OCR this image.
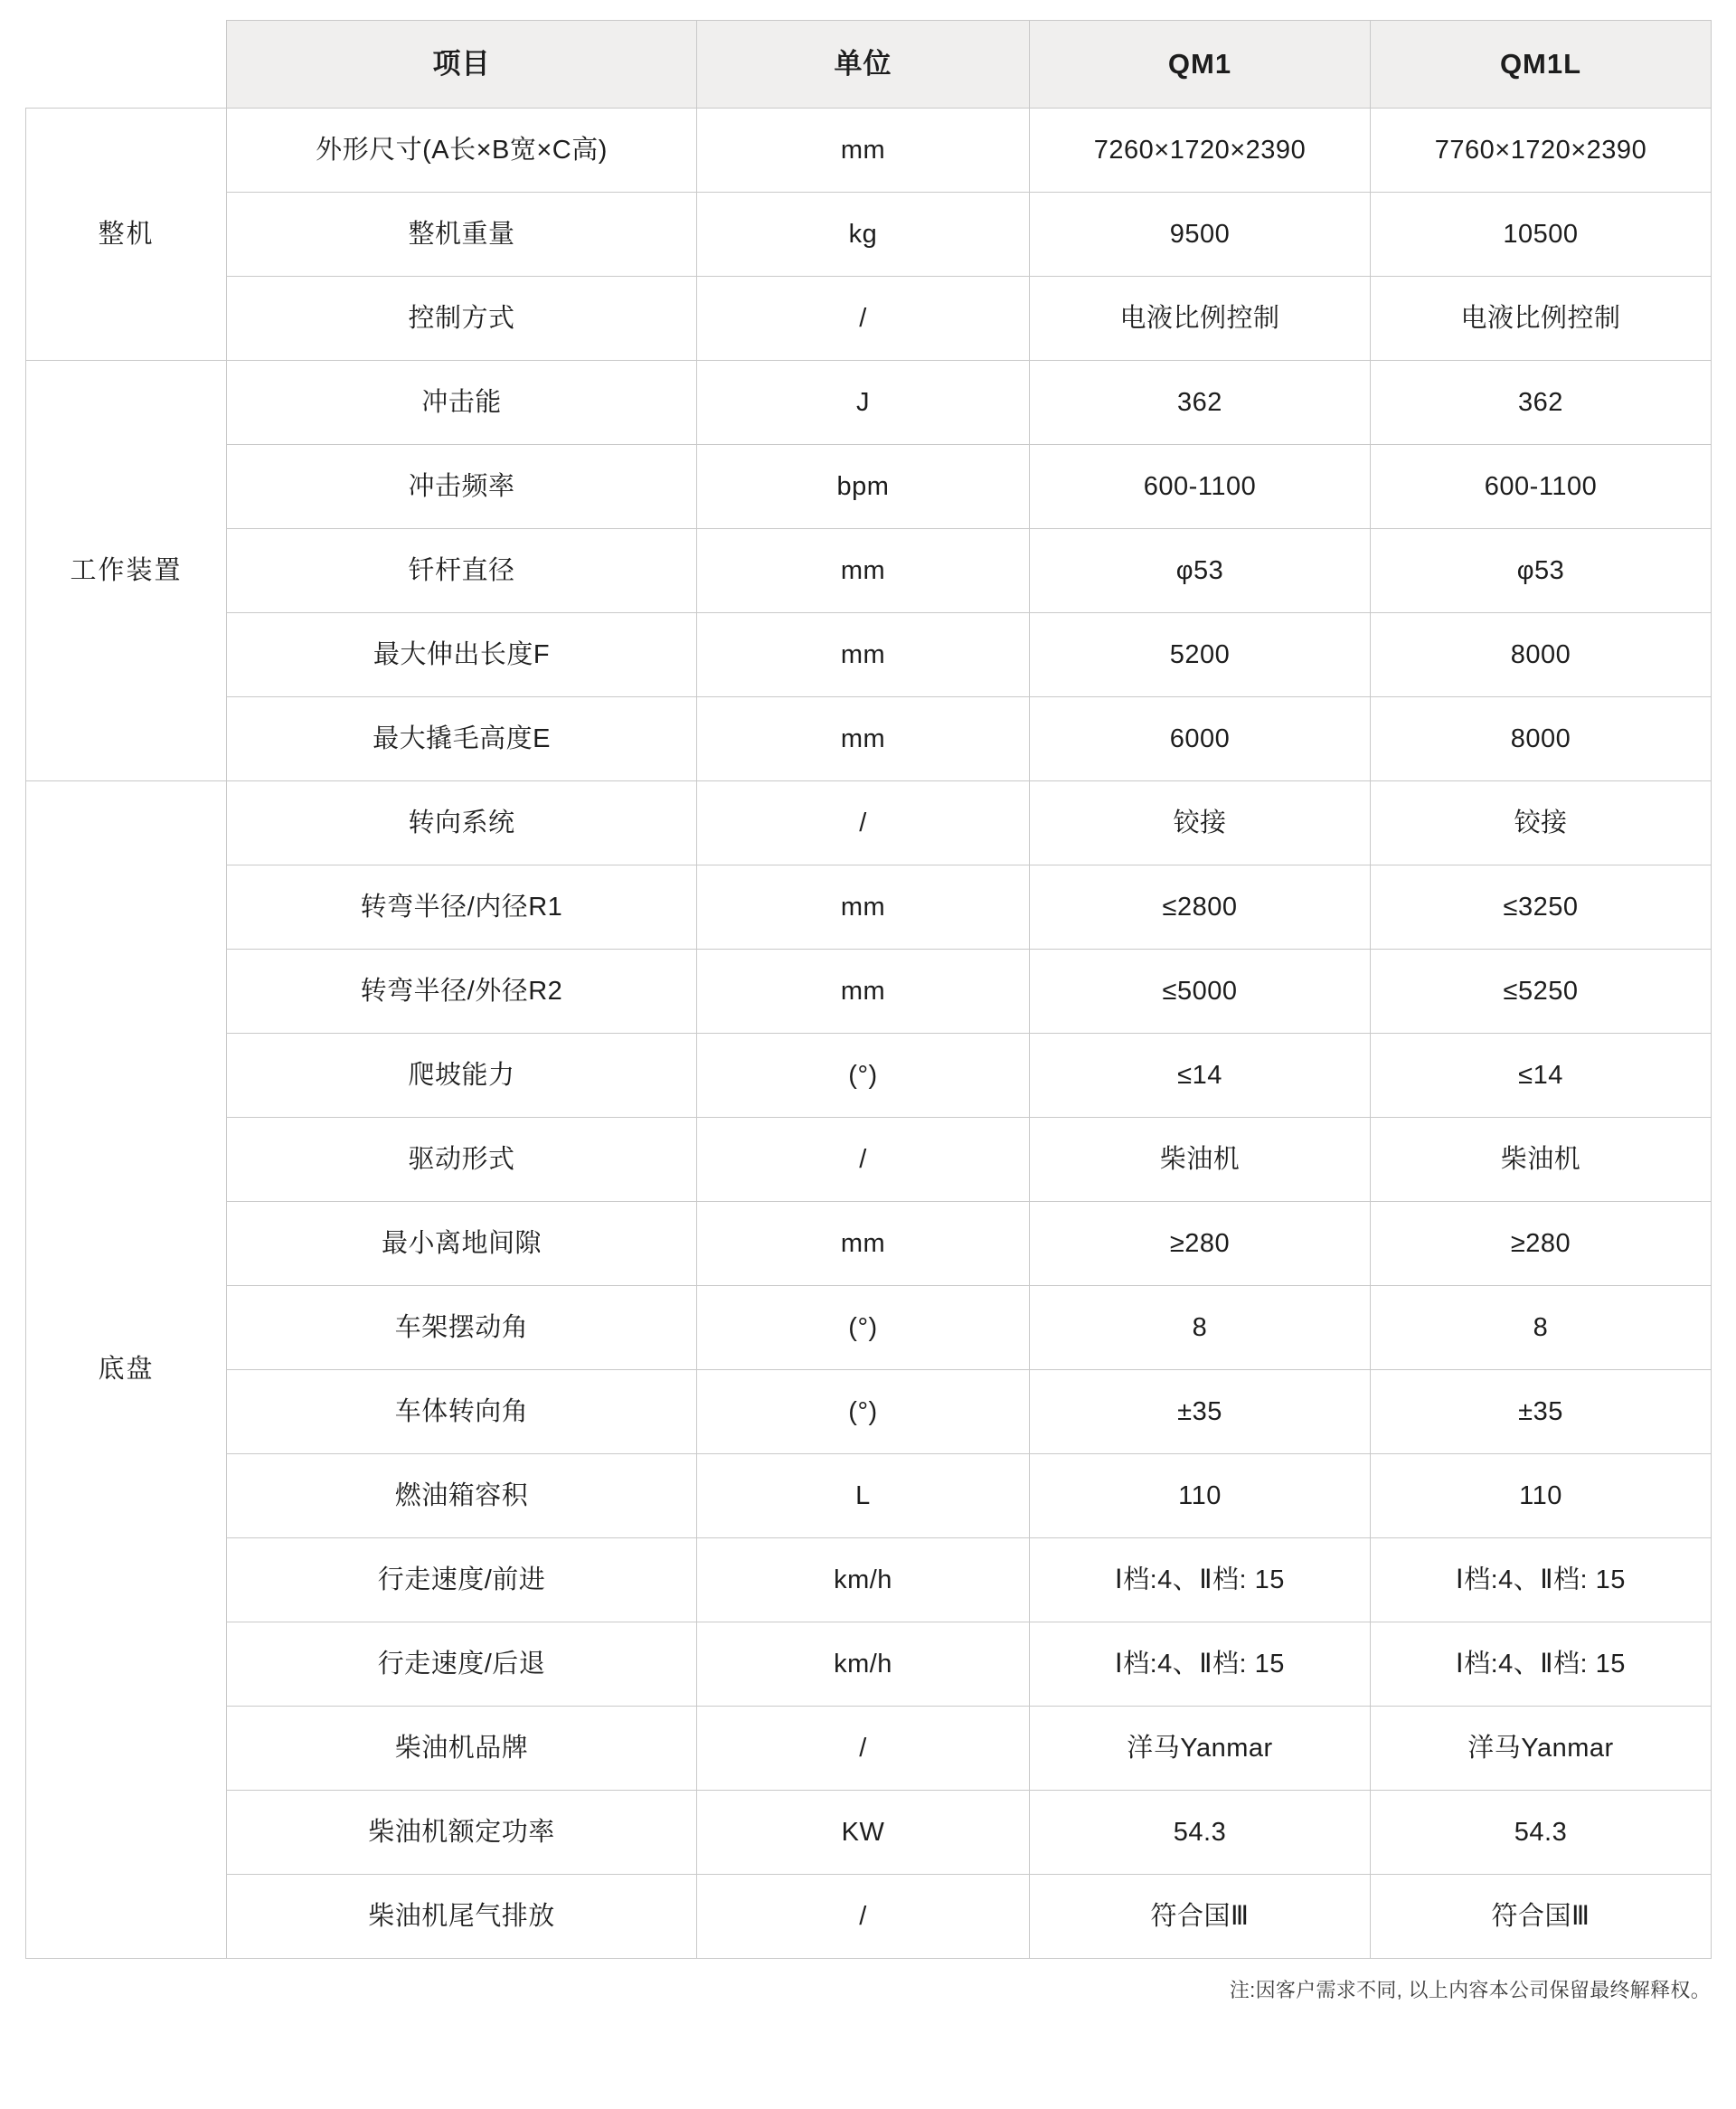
	项目	单位	QM1	QM1L
整机	外形尺寸(A长×B宽×C高)	mm	7260×1720×2390	7760×1720×2390
	整机重量	kg	9500	10500
	控制方式	/	电液比例控制	电液比例控制
工作装置	冲击能	J	362	362
	冲击频率	bpm	600-1100	600-1100
	钎杆直径	mm	φ53	φ53
	最大伸出长度F	mm	5200	8000
	最大撬毛高度E	mm	6000	8000
底盘	转向系统	/	铰接	铰接
	转弯半径/内径R1	mm	≤2800	≤3250
	转弯半径/外径R2	mm	≤5000	≤5250
	爬坡能力	(°)	≤14	≤14
	驱动形式	/	柴油机	柴油机
	最小离地间隙	mm	≥280	≥280
	车架摆动角	(°)	8	8
	车体转向角	(°)	±35	±35
	燃油箱容积	L	110	110
	行走速度/前进	km/h	Ⅰ档:4、Ⅱ档: 15	Ⅰ档:4、Ⅱ档: 15
	行走速度/后退	km/h	Ⅰ档:4、Ⅱ档: 15	Ⅰ档:4、Ⅱ档: 15
	柴油机品牌	/	洋马Yanmar	洋马Yanmar
	柴油机额定功率	KW	54.3	54.3
	柴油机尾气排放	/	符合国Ⅲ	符合国Ⅲ
注:因客户需求不同, 以上内容本公司保留最终解释权。
